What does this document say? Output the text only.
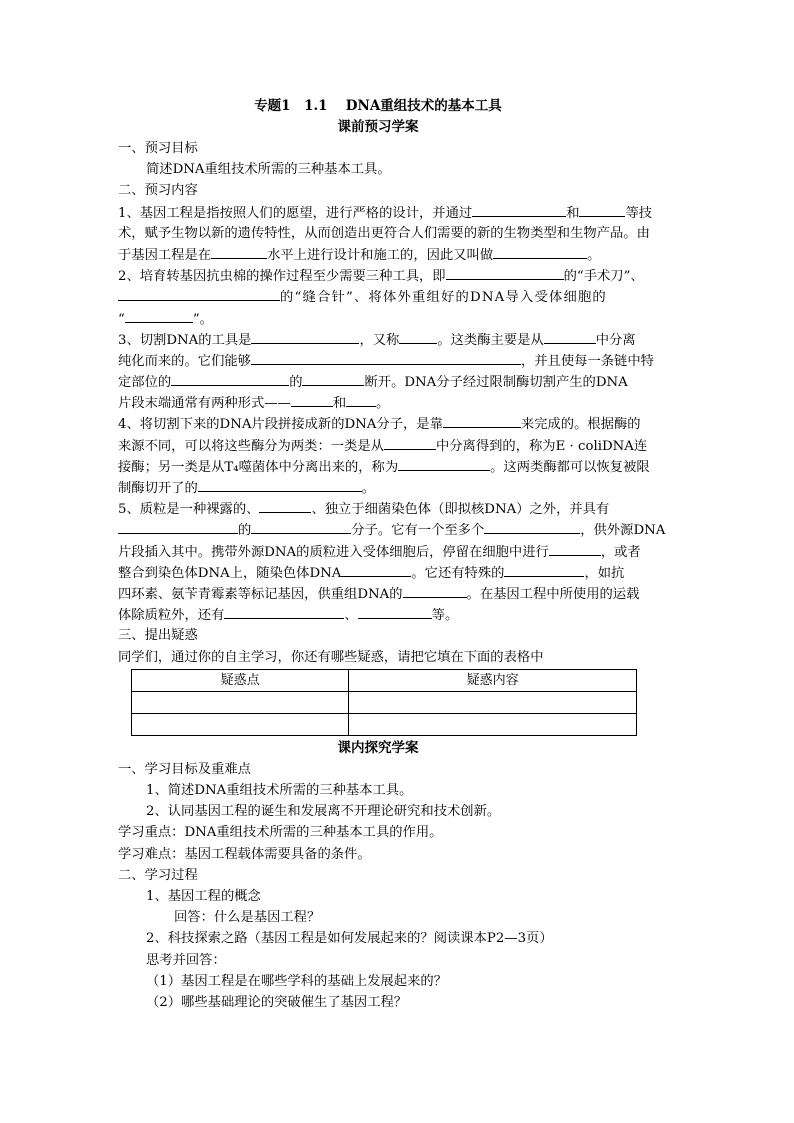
专题1　1.1　 DNA重组技术的基本工具
课前预习学案
一、预习目标
简述DNA重组技术所需的三种基本工具。
二、预习内容
1、基因工程是指按照人们的愿望，进行严格的设计，并通过	和	等技
术，赋予生物以新的遗传特性，从而创造出更符合人们需要的新的生物类型和生物产品。由
于基因工程是在	水平上进行设计和施工的，因此又叫做	。
2、培育转基因抗虫棉的操作过程至少需要三种工具，即	的“手术刀”、
的“缝合针”、将体外重组好的DNA导入受体细胞的
“	”。
3、切割DNA的工具是	，又称	。这类酶主要是从	中分离
纯化而来的。它们能够	，并且使每一条链中特
定部位的	的	断开。DNA分子经过限制酶切割产生的DNA
片段末端通常有两种形式——	和 。
4、将切割下来的DNA片段拼接成新的DNA分子，是靠	来完成的。根据酶的
来源不同，可以将这些酶分为两类：一类是从	中分离得到的，称为E · coliDNA连
接酶；另一类是从T₄噬菌体中分离出来的，称为	。这两类酶都可以恢复被限
制酶切开了的	。
5、质粒是一种裸露的、	、独立于细菌染色体（即拟核DNA）之外，并具有
的	分子。它有一个至多个	，供外源DNA
片段插入其中。携带外源DNA的质粒进入受体细胞后，停留在细胞中进行	，或者
整合到染色体DNA上，随染色体DNA	。它还有特殊的	，如抗
四环素、氨苄青霉素等标记基因，供重组DNA的	。在基因工程中所使用的运载
体除质粒外，还有	、	等。
三、提出疑惑
同学们，通过你的自主学习，你还有哪些疑惑，请把它填在下面的表格中
疑惑点	疑惑内容

课内探究学案
一、学习目标及重难点
1、简述DNA重组技术所需的三种基本工具。
2、认同基因工程的诞生和发展离不开理论研究和技术创新。
学习重点：DNA重组技术所需的三种基本工具的作用。
学习难点：基因工程载体需要具备的条件。
二、学习过程
1、基因工程的概念
回答：什么是基因工程？
2、科技探索之路（基因工程是如何发展起来的？阅读课本P2—3页）
思考并回答：
（1）基因工程是在哪些学科的基础上发展起来的？
（2）哪些基础理论的突破催生了基因工程？
